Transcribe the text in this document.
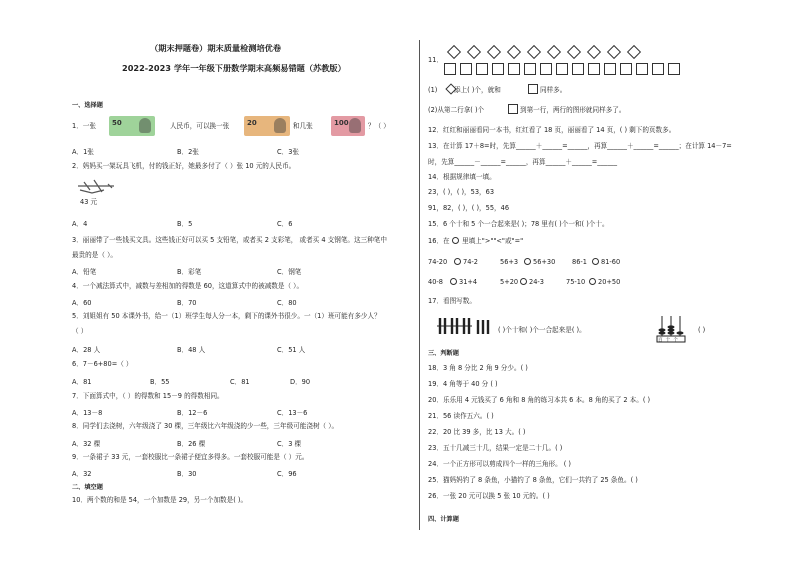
（期末押题卷）期末质量检测培优卷
2022-2023 学年一年级下册数学期末高频易错题（苏教版）
一、选择题
1．一张 50	人民币，可以换一张	20	和几张	100	？（ ）
A．1张	B．2张	C．3张
2．妈妈买一架玩具飞机，付的钱正好，她最多付了（ ）张 10 元的人民币。
43 元
A．4	B．5	C．6
3．丽丽带了一些钱买文具。这些钱正好可以买 5 支铅笔，或者买 2 支彩笔， 或者买 4 支钢笔。这三种笔中
最贵的是（ ）。
A．铅笔	B．彩笔	C．钢笔
4．一个减法算式中，减数与差相加的得数是 60，这道算式中的被减数是（ ）。
A．60	B．70	C．80
5．刘姐姐有 50 本课外书，给一（1）班学生每人分一本，剩下的课外书很少。一（1）班可能有多少人？
（ ）
A．28 人	B．48 人	C．51 人
6．7－6+80=（ ）
A．81	B．55	C．81	D．90
7．下面算式中，（ ）的得数和 15－9 的得数相同。
A．13－8	B．12－6	C．13－6
8．同学们去浇树，六年级浇了 30 棵，三年级比六年级浇的少一些，三年级可能浇树（ ）。
A．32 棵	B．26 棵	C．3 棵
9．一条裙子 33 元，一套校服比一条裙子便宜多得多。一套校服可能是（ ）元。
A．32	B．30	C．96
二、填空题
10．两个数的和是 54，一个加数是 29，另一个加数是( )。
11．
(1)	添上( )个，就和	同样多。
(2)从第二行拿( )个	到第一行，两行的图形就同样多了。
12．红红和丽丽看同一本书，红红看了 18 页，丽丽看了 14 页，( ) 剩下的页数多。
13．在计算 17＋8=时，先算______＋______=______，再算______＋______=______；在计算 14－7=
时，先算______－______=______，再算______＋______=______
14．根据规律填一填。
23，( )，( )，53，63
91，82，( )，( )，55，46
15．6 个十和 5 个一合起来是( )；78 里有( )个一和( )个十。
16．在 里填上">""<"或"="
74-20 74-2	56+3 56+30	86-1 81-60
40-8 31+4	5+20 24-3	75-10 20+50
17．看图写数。
( )个十和( )个一合起来是( )。
百十个
( )
三、判断题
18．3 角 8 分比 2 角 9 分少。( )
19．4 角等于 40 分 ( )
20．乐乐用 4 元钱买了 6 角和 8 角的练习本共 6 本。8 角的买了 2 本。( )
21．56 读作五六。( )
22．20 比 39 多，比 13 大。( )
23．五十几减三十几，结果一定是二十几。( )
24．一个正方形可以剪成四个一样的三角形。 ( )
25．猫妈妈钓了 8 条鱼，小猫钓了 8 条鱼，它们一共钓了 25 条鱼。( )
26．一张 20 元可以换 5 张 10 元的。( )
四、计算题
